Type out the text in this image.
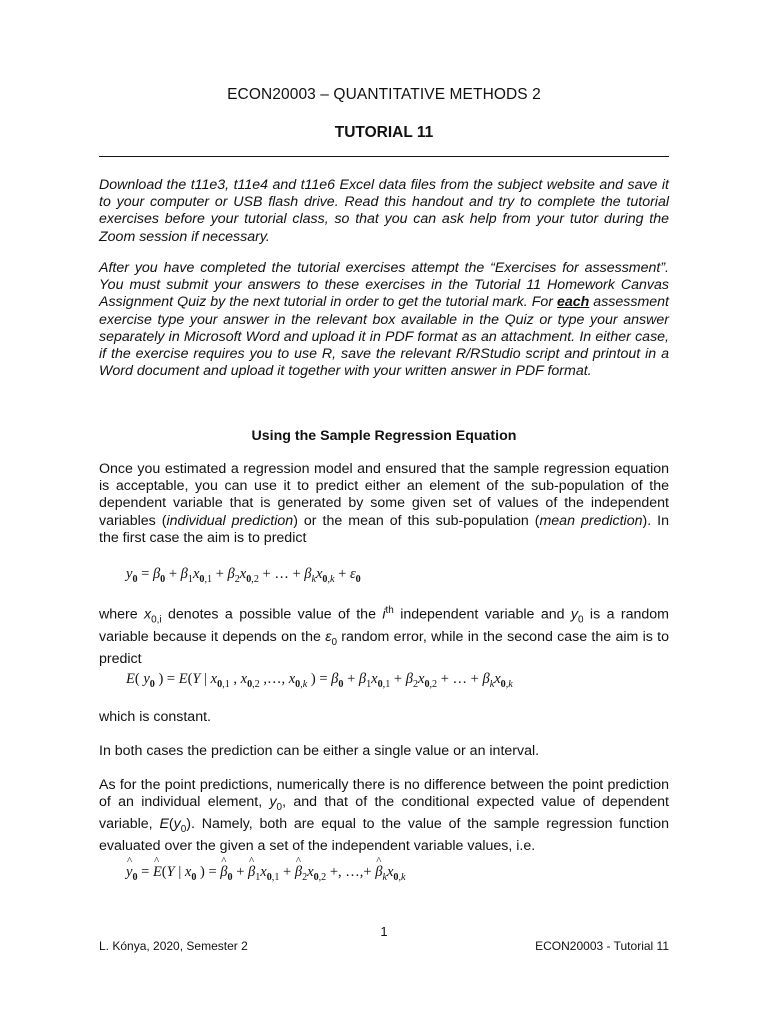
ECON20003 – QUANTITATIVE METHODS 2
TUTORIAL 11

Download the t11e3, t11e4 and t11e6 Excel data files from the subject website and save it to your computer or USB flash drive. Read this handout and try to complete the tutorial exercises before your tutorial class, so that you can ask help from your tutor during the Zoom session if necessary.

After you have completed the tutorial exercises attempt the “Exercises for assessment”. You must submit your answers to these exercises in the Tutorial 11 Homework Canvas Assignment Quiz by the next tutorial in order to get the tutorial mark. For each assessment exercise type your answer in the relevant box available in the Quiz or type your answer separately in Microsoft Word and upload it in PDF format as an attachment. In either case, if the exercise requires you to use R, save the relevant R/RStudio script and printout in a Word document and upload it together with your written answer in PDF format.

Using the Sample Regression Equation

Once you estimated a regression model and ensured that the sample regression equation is acceptable, you can use it to predict either an element of the sub-population of the dependent variable that is generated by some given set of values of the independent variables (individual prediction) or the mean of this sub-population (mean prediction). In the first case the aim is to predict

$y_0 = \beta_0 + \beta_1x_{0,1} + \beta_2x_{0,2}$ + … + $\beta_kx_{0,k} + \varepsilon_0$

where $x_{0,i}$ denotes a possible value of the $i^{th}$ independent variable and $y_0$ is a random variable because it depends on the $\varepsilon_0$ random error, while in the second case the aim is to predict

E( $y_0$ ) = E(Y | $x_{0,1}$ , $x_{0,2}$ ,…, $x_{0,k}$ ) = $\beta_0 + \beta_1x_{0,1} + \beta_2x_{0,2}$ + … + $\beta_kx_{0,k}$

which is constant.

In both cases the prediction can be either a single value or an interval.

As for the point predictions, numerically there is no difference between the point prediction of an individual element, $y_0$, and that of the conditional expected value of dependent variable, $E(y_0)$. Namely, both are equal to the value of the sample regression function evaluated over the given a set of the independent variable values, i.e.

^ $y_0$ = ^ E(Y | $x_0$ ) = ^ $\beta_0$ + ^ $\beta_1x_{0,1}$ + ^ $\beta_2x_{0,2}$ +, …,+ ^ $\beta_kx_{0,k}$
1
L. Kónya, 2020, Semester 2	ECON20003 - Tutorial 11
